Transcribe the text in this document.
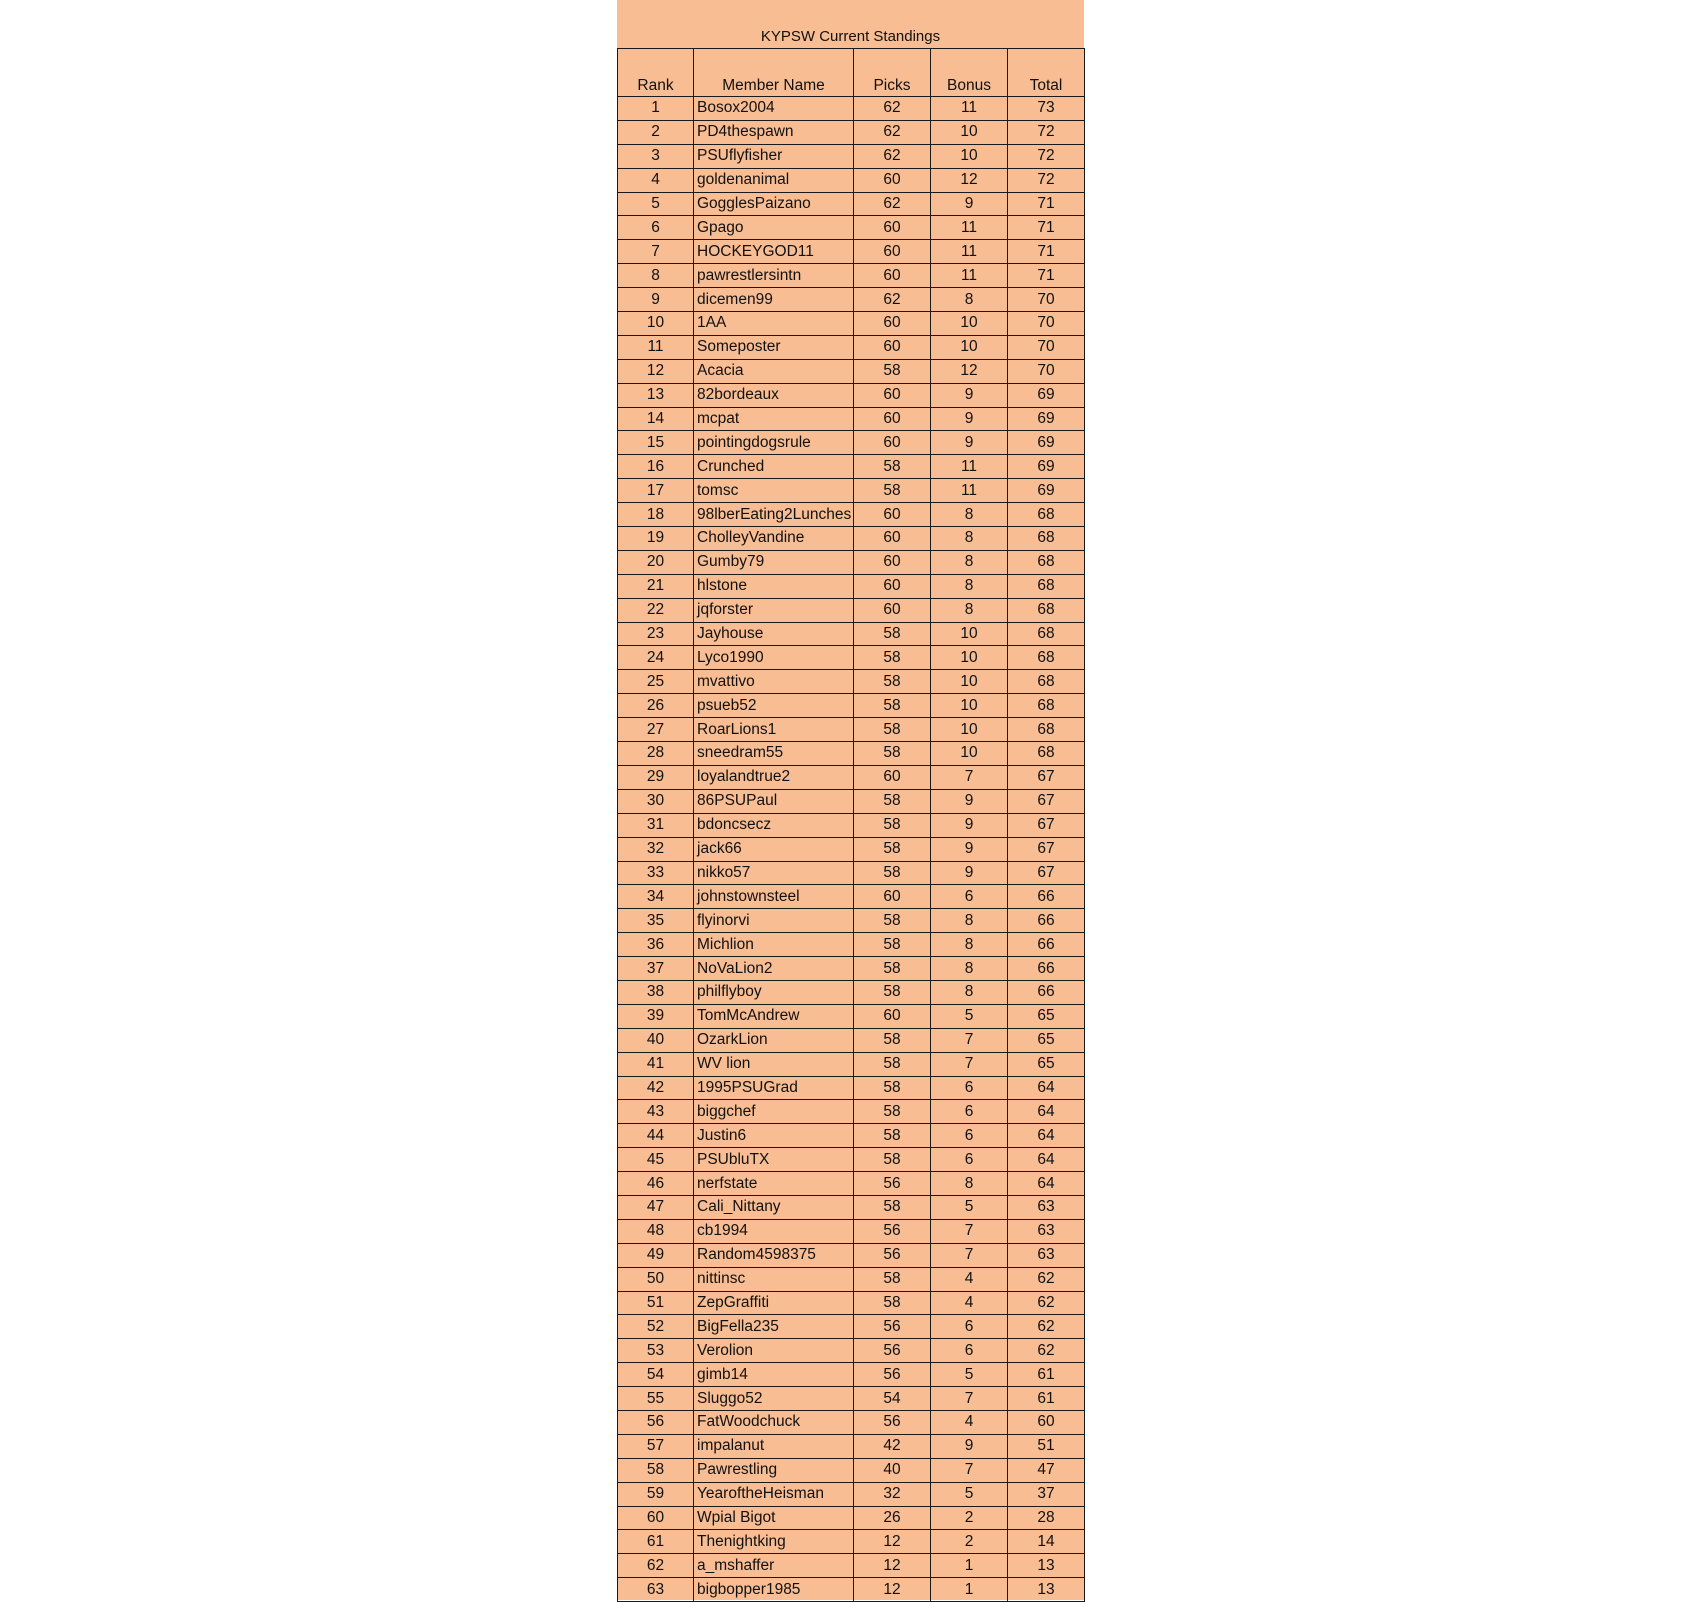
KYPSW Current Standings
Rank	Member Name	Picks	Bonus	Total
1	Bosox2004	62	11	73
2	PD4thespawn	62	10	72
3	PSUflyfisher	62	10	72
4	goldenanimal	60	12	72
5	GogglesPaizano	62	9	71
6	Gpago	60	11	71
7	HOCKEYGOD11	60	11	71
8	pawrestlersintn	60	11	71
9	dicemen99	62	8	70
10	1AA	60	10	70
11	Someposter	60	10	70
12	Acacia	58	12	70
13	82bordeaux	60	9	69
14	mcpat	60	9	69
15	pointingdogsrule	60	9	69
16	Crunched	58	11	69
17	tomsc	58	11	69
18	98lberEating2Lunches	60	8	68
19	CholleyVandine	60	8	68
20	Gumby79	60	8	68
21	hlstone	60	8	68
22	jqforster	60	8	68
23	Jayhouse	58	10	68
24	Lyco1990	58	10	68
25	mvattivo	58	10	68
26	psueb52	58	10	68
27	RoarLions1	58	10	68
28	sneedram55	58	10	68
29	loyalandtrue2	60	7	67
30	86PSUPaul	58	9	67
31	bdoncsecz	58	9	67
32	jack66	58	9	67
33	nikko57	58	9	67
34	johnstownsteel	60	6	66
35	flyinorvi	58	8	66
36	Michlion	58	8	66
37	NoVaLion2	58	8	66
38	philflyboy	58	8	66
39	TomMcAndrew	60	5	65
40	OzarkLion	58	7	65
41	WV lion	58	7	65
42	1995PSUGrad	58	6	64
43	biggchef	58	6	64
44	Justin6	58	6	64
45	PSUbluTX	58	6	64
46	nerfstate	56	8	64
47	Cali_Nittany	58	5	63
48	cb1994	56	7	63
49	Random4598375	56	7	63
50	nittinsc	58	4	62
51	ZepGraffiti	58	4	62
52	BigFella235	56	6	62
53	Verolion	56	6	62
54	gimb14	56	5	61
55	Sluggo52	54	7	61
56	FatWoodchuck	56	4	60
57	impalanut	42	9	51
58	Pawrestling	40	7	47
59	YearoftheHeisman	32	5	37
60	Wpial Bigot	26	2	28
61	Thenightking	12	2	14
62	a_mshaffer	12	1	13
63	bigbopper1985	12	1	13
